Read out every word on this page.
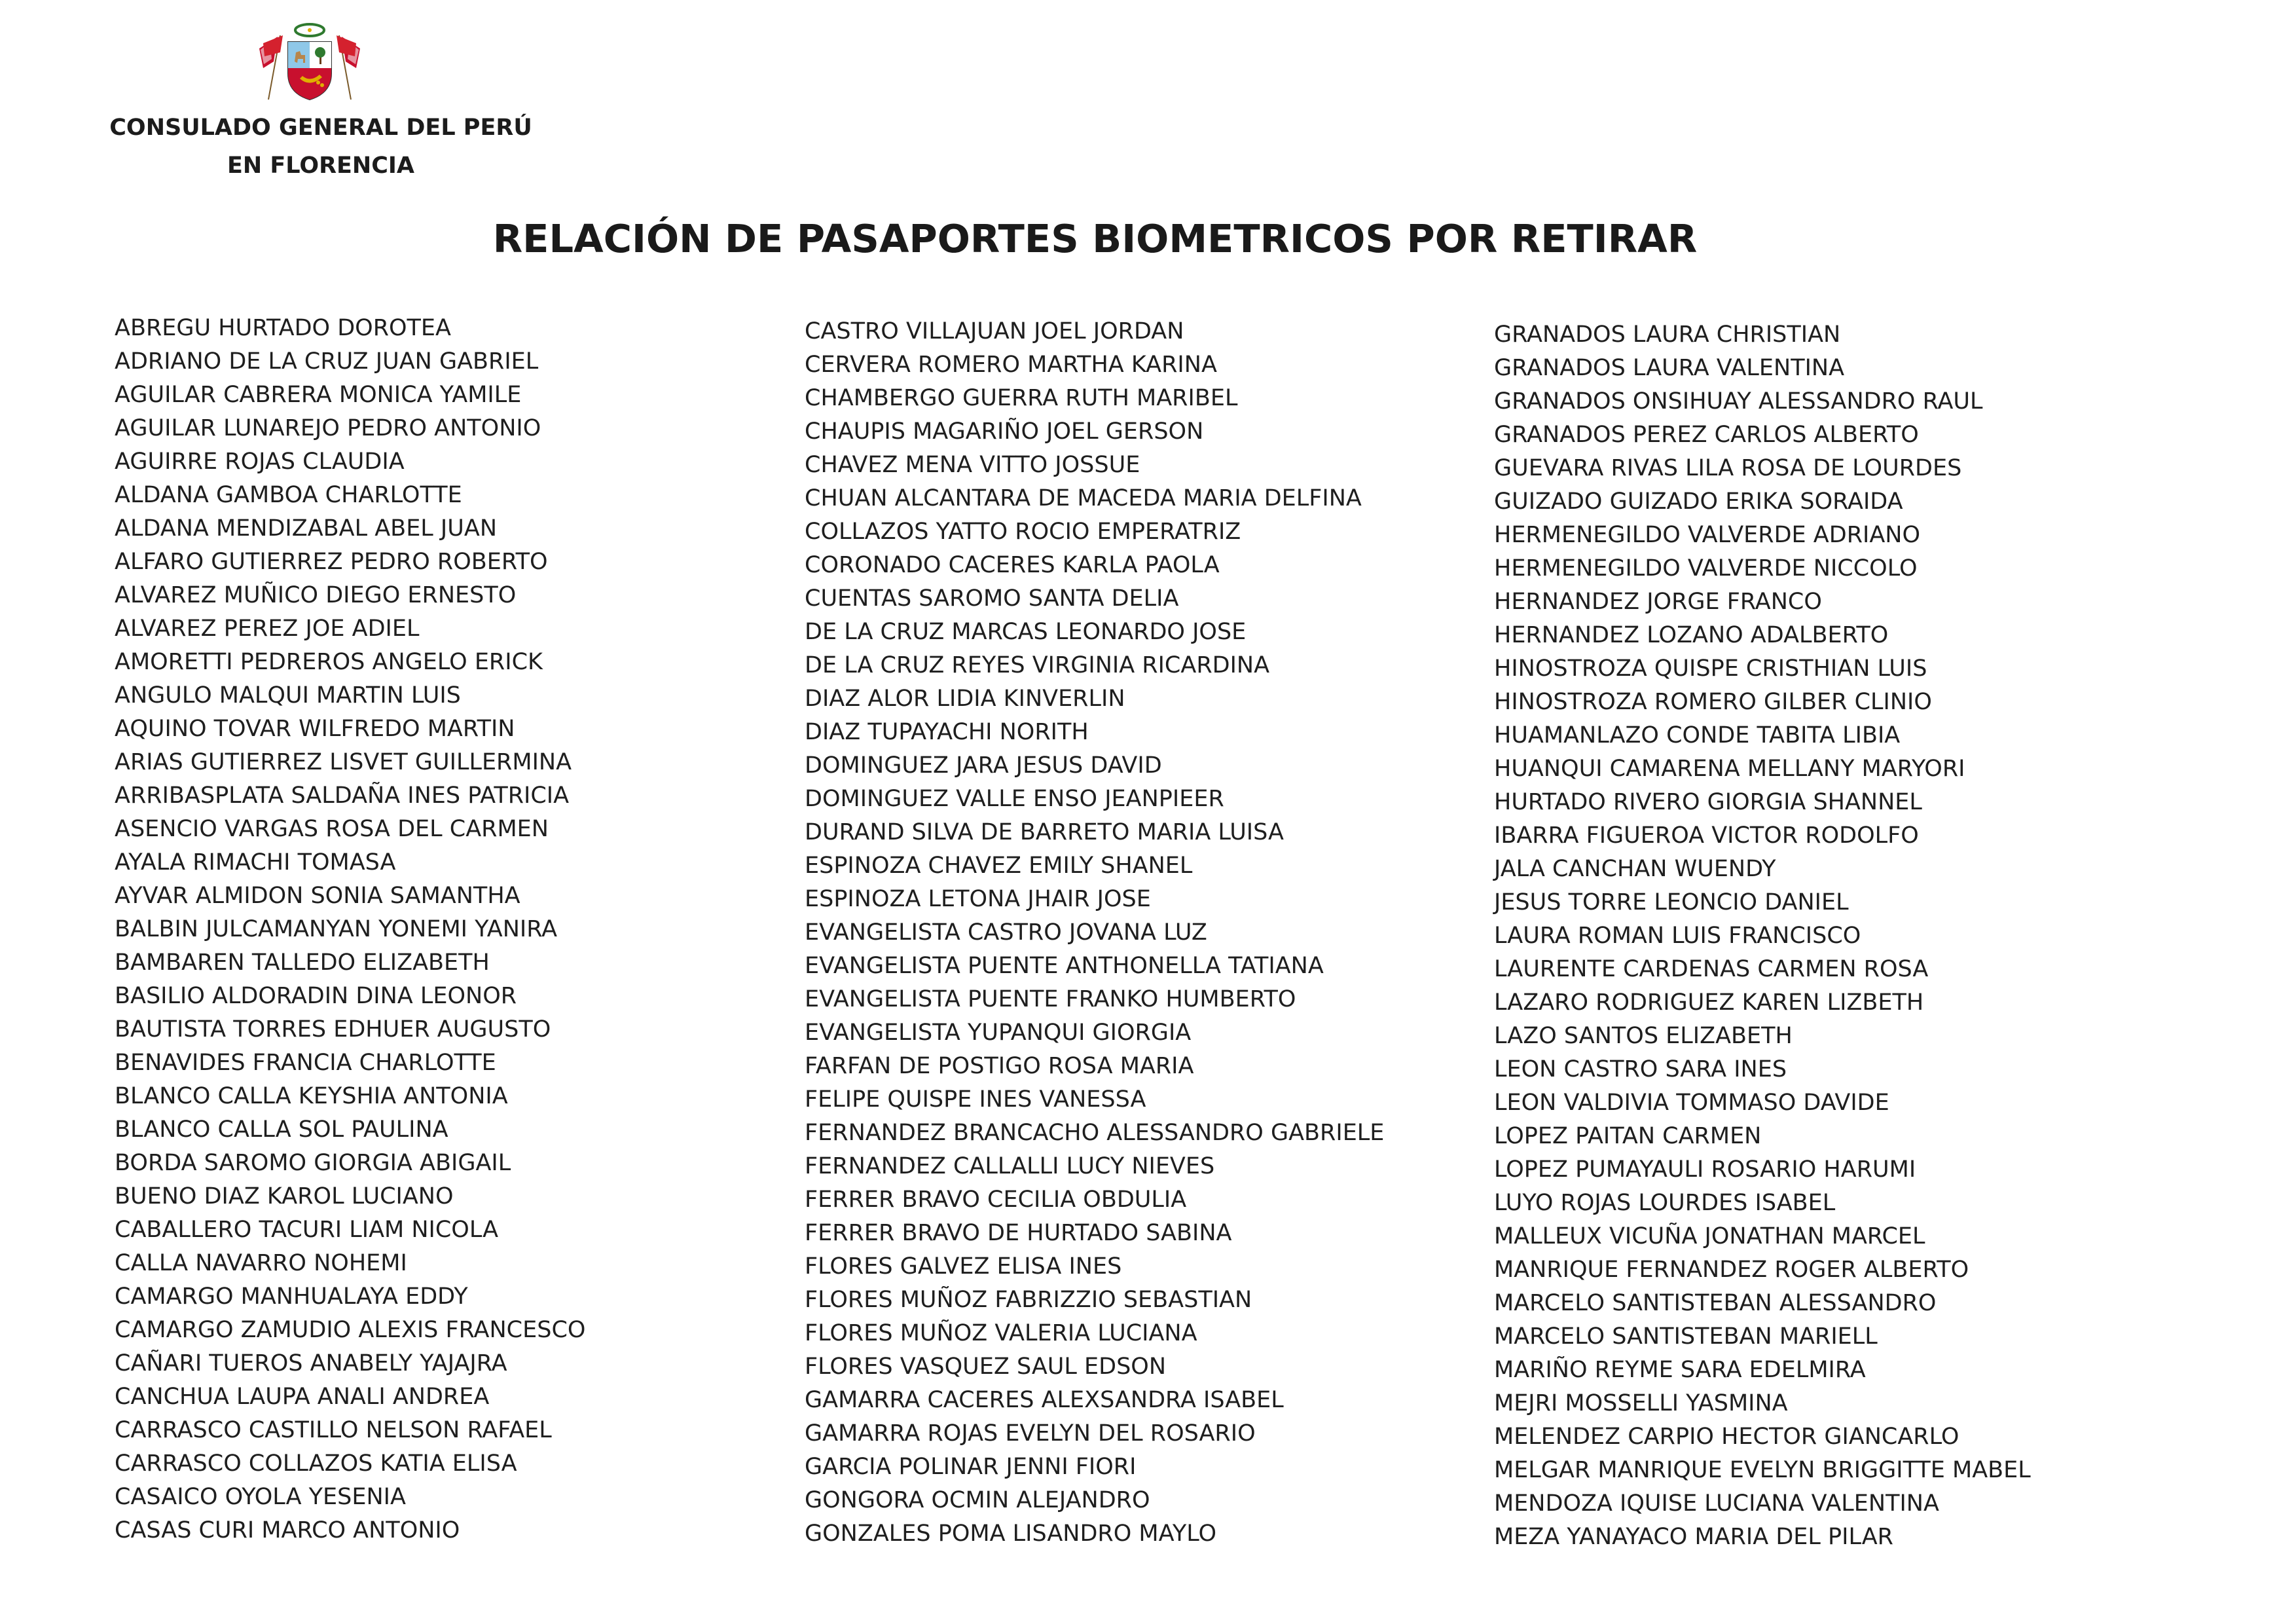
CONSULADO GENERAL DEL PERÚ
EN FLORENCIA
RELACIÓN DE PASAPORTES BIOMETRICOS POR RETIRAR
ABREGU HURTADO DOROTEA
ADRIANO DE LA CRUZ JUAN GABRIEL
AGUILAR CABRERA MONICA YAMILE
AGUILAR LUNAREJO PEDRO ANTONIO
AGUIRRE ROJAS CLAUDIA
ALDANA GAMBOA CHARLOTTE
ALDANA MENDIZABAL ABEL JUAN
ALFARO GUTIERREZ PEDRO ROBERTO
ALVAREZ MUÑICO DIEGO ERNESTO
ALVAREZ PEREZ JOE ADIEL
AMORETTI PEDREROS ANGELO ERICK
ANGULO MALQUI MARTIN LUIS
AQUINO TOVAR WILFREDO MARTIN
ARIAS GUTIERREZ LISVET GUILLERMINA
ARRIBASPLATA SALDAÑA INES PATRICIA
ASENCIO VARGAS ROSA DEL CARMEN
AYALA RIMACHI TOMASA
AYVAR ALMIDON SONIA SAMANTHA
BALBIN JULCAMANYAN YONEMI YANIRA
BAMBAREN TALLEDO ELIZABETH
BASILIO ALDORADIN DINA LEONOR
BAUTISTA TORRES EDHUER AUGUSTO
BENAVIDES FRANCIA CHARLOTTE
BLANCO CALLA KEYSHIA ANTONIA
BLANCO CALLA SOL PAULINA
BORDA SAROMO GIORGIA ABIGAIL
BUENO DIAZ KAROL LUCIANO
CABALLERO TACURI LIAM NICOLA
CALLA NAVARRO NOHEMI
CAMARGO MANHUALAYA EDDY
CAMARGO ZAMUDIO ALEXIS FRANCESCO
CAÑARI TUEROS ANABELY YAJAJRA
CANCHUA LAUPA ANALI ANDREA
CARRASCO CASTILLO NELSON RAFAEL
CARRASCO COLLAZOS KATIA ELISA
CASAICO OYOLA YESENIA
CASAS CURI MARCO ANTONIO
CASTRO VILLAJUAN JOEL JORDAN
CERVERA ROMERO MARTHA KARINA
CHAMBERGO GUERRA RUTH MARIBEL
CHAUPIS MAGARIÑO JOEL GERSON
CHAVEZ MENA VITTO JOSSUE
CHUAN ALCANTARA DE MACEDA MARIA DELFINA
COLLAZOS YATTO ROCIO EMPERATRIZ
CORONADO CACERES KARLA PAOLA
CUENTAS SAROMO SANTA DELIA
DE LA CRUZ MARCAS LEONARDO JOSE
DE LA CRUZ REYES VIRGINIA RICARDINA
DIAZ ALOR LIDIA KINVERLIN
DIAZ TUPAYACHI NORITH
DOMINGUEZ JARA JESUS DAVID
DOMINGUEZ VALLE ENSO JEANPIEER
DURAND SILVA DE BARRETO MARIA LUISA
ESPINOZA CHAVEZ EMILY SHANEL
ESPINOZA LETONA JHAIR JOSE
EVANGELISTA CASTRO JOVANA LUZ
EVANGELISTA PUENTE ANTHONELLA TATIANA
EVANGELISTA PUENTE FRANKO HUMBERTO
EVANGELISTA YUPANQUI GIORGIA
FARFAN DE POSTIGO ROSA MARIA
FELIPE QUISPE INES VANESSA
FERNANDEZ BRANCACHO ALESSANDRO GABRIELE
FERNANDEZ CALLALLI LUCY NIEVES
FERRER BRAVO CECILIA OBDULIA
FERRER BRAVO DE HURTADO SABINA
FLORES GALVEZ ELISA INES
FLORES MUÑOZ FABRIZZIO SEBASTIAN
FLORES MUÑOZ VALERIA LUCIANA
FLORES VASQUEZ SAUL EDSON
GAMARRA CACERES ALEXSANDRA ISABEL
GAMARRA ROJAS EVELYN DEL ROSARIO
GARCIA POLINAR JENNI FIORI
GONGORA OCMIN ALEJANDRO
GONZALES POMA LISANDRO MAYLO
GRANADOS LAURA CHRISTIAN
GRANADOS LAURA VALENTINA
GRANADOS ONSIHUAY ALESSANDRO RAUL
GRANADOS PEREZ CARLOS ALBERTO
GUEVARA RIVAS LILA ROSA DE LOURDES
GUIZADO GUIZADO ERIKA SORAIDA
HERMENEGILDO VALVERDE ADRIANO
HERMENEGILDO VALVERDE NICCOLO
HERNANDEZ JORGE FRANCO
HERNANDEZ LOZANO ADALBERTO
HINOSTROZA QUISPE CRISTHIAN LUIS
HINOSTROZA ROMERO GILBER CLINIO
HUAMANLAZO CONDE TABITA LIBIA
HUANQUI CAMARENA MELLANY MARYORI
HURTADO RIVERO GIORGIA SHANNEL
IBARRA FIGUEROA VICTOR RODOLFO
JALA CANCHAN WUENDY
JESUS TORRE LEONCIO DANIEL
LAURA ROMAN LUIS FRANCISCO
LAURENTE CARDENAS CARMEN ROSA
LAZARO RODRIGUEZ KAREN LIZBETH
LAZO SANTOS ELIZABETH
LEON CASTRO SARA INES
LEON VALDIVIA TOMMASO DAVIDE
LOPEZ PAITAN CARMEN
LOPEZ PUMAYAULI ROSARIO HARUMI
LUYO ROJAS LOURDES ISABEL
MALLEUX VICUÑA JONATHAN MARCEL
MANRIQUE FERNANDEZ ROGER ALBERTO
MARCELO SANTISTEBAN ALESSANDRO
MARCELO SANTISTEBAN MARIELL
MARIÑO REYME SARA EDELMIRA
MEJRI MOSSELLI YASMINA
MELENDEZ CARPIO HECTOR GIANCARLO
MELGAR MANRIQUE EVELYN BRIGGITTE MABEL
MENDOZA IQUISE LUCIANA VALENTINA
MEZA YANAYACO MARIA DEL PILAR
